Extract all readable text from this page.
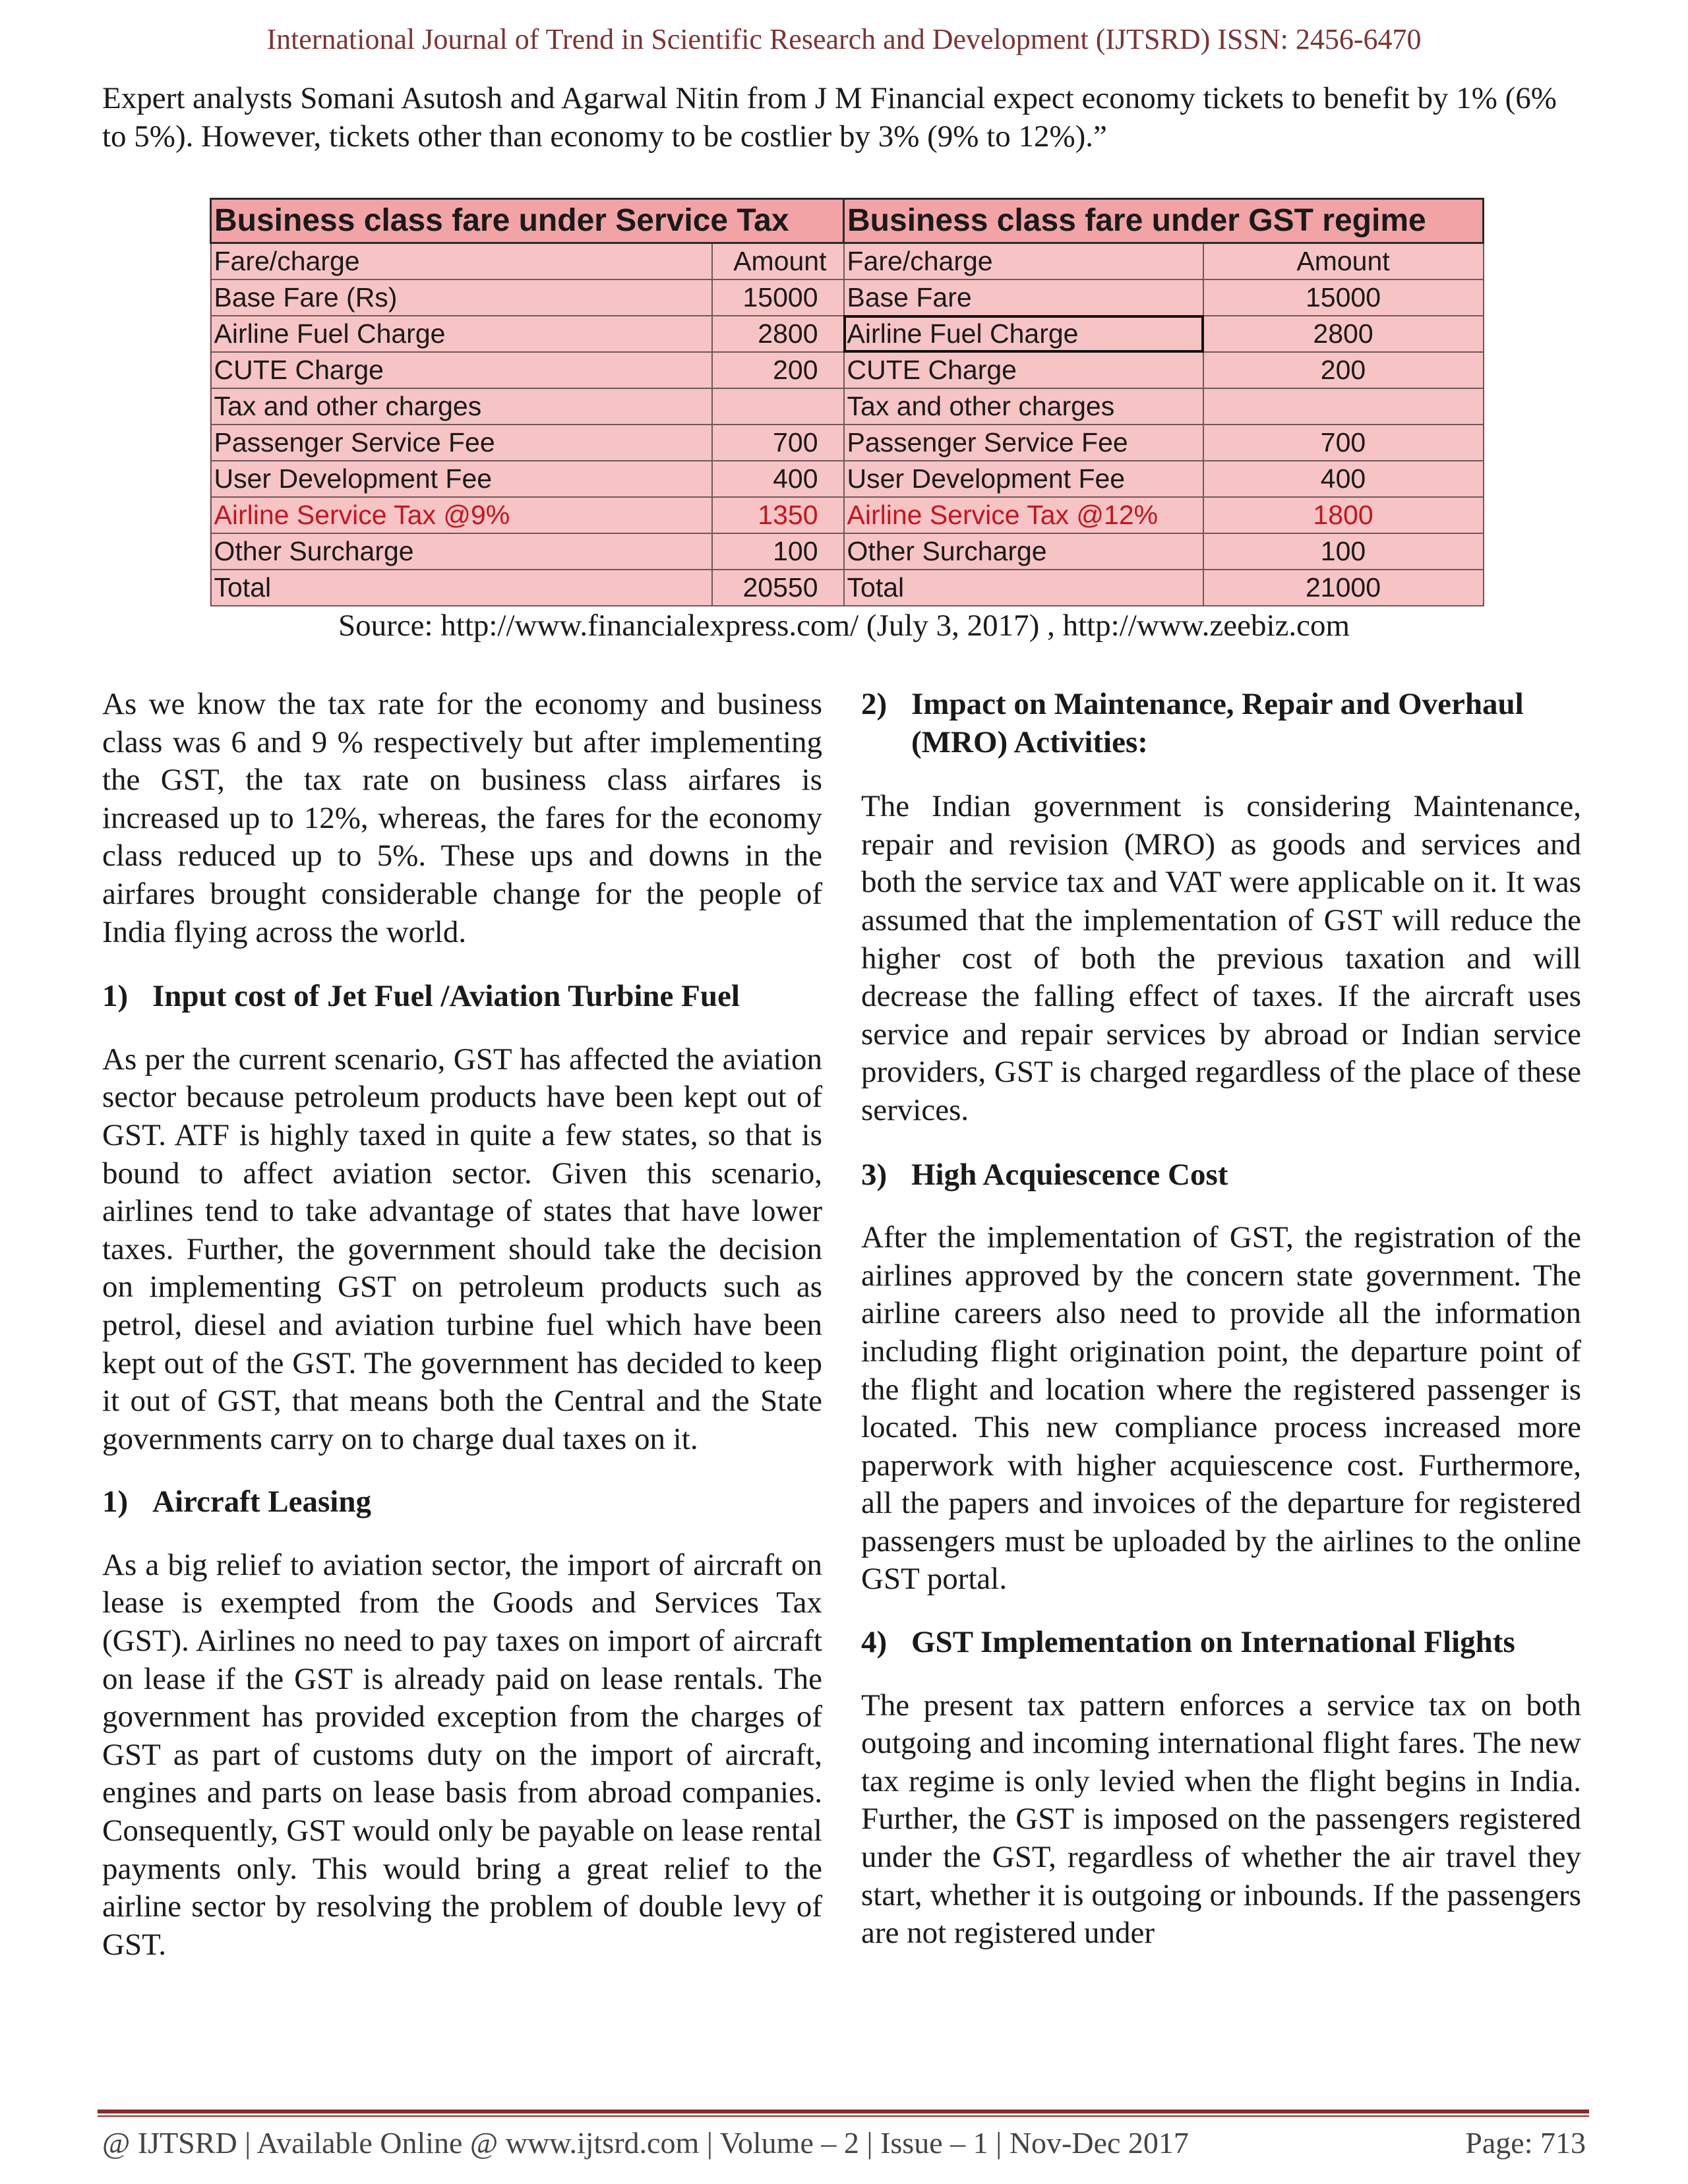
International Journal of Trend in Scientific Research and Development (IJTSRD) ISSN: 2456-6470

Expert analysts Somani Asutosh and Agarwal Nitin from J M Financial expect economy tickets to benefit by 1% (6% to 5%). However, tickets other than economy to be costlier by 3% (9% to 12%).”

Business class fare under Service Tax		Business class fare under GST regime	
Fare/charge	Amount	Fare/charge	Amount
Base Fare (Rs)	15000	Base Fare	15000
Airline Fuel Charge	2800	Airline Fuel Charge	2800
CUTE Charge	200	CUTE Charge	200
Tax and other charges		Tax and other charges	
Passenger Service Fee	700	Passenger Service Fee	700
User Development Fee	400	User Development Fee	400
Airline Service Tax @9%	1350	Airline Service Tax @12%	1800
Other Surcharge	100	Other Surcharge	100
Total	20550	Total	21000

Source: http://www.financialexpress.com/ (July 3, 2017) , http://www.zeebiz.com

As we know the tax rate for the economy and business class was 6 and 9 % respectively but after implementing the GST, the tax rate on business class airfares is increased up to 12%, whereas, the fares for the economy class reduced up to 5%. These ups and downs in the airfares brought considerable change for the people of India flying across the world.

1) Input cost of Jet Fuel /Aviation Turbine Fuel

As per the current scenario, GST has affected the aviation sector because petroleum products have been kept out of GST. ATF is highly taxed in quite a few states, so that is bound to affect aviation sector. Given this scenario, airlines tend to take advantage of states that have lower taxes. Further, the government should take the decision on implementing GST on petroleum products such as petrol, diesel and aviation turbine fuel which have been kept out of the GST. The government has decided to keep it out of GST, that means both the Central and the State governments carry on to charge dual taxes on it.

1) Aircraft Leasing

As a big relief to aviation sector, the import of aircraft on lease is exempted from the Goods and Services Tax (GST). Airlines no need to pay taxes on import of aircraft on lease if the GST is already paid on lease rentals. The government has provided exception from the charges of GST as part of customs duty on the import of aircraft, engines and parts on lease basis from abroad companies. Consequently, GST would only be payable on lease rental payments only. This would bring a great relief to the airline sector by resolving the problem of double levy of GST.

2) Impact on Maintenance, Repair and Overhaul (MRO) Activities:

The Indian government is considering Maintenance, repair and revision (MRO) as goods and services and both the service tax and VAT were applicable on it. It was assumed that the implementation of GST will reduce the higher cost of both the previous taxation and will decrease the falling effect of taxes. If the aircraft uses service and repair services by abroad or Indian service providers, GST is charged regardless of the place of these services.

3) High Acquiescence Cost

After the implementation of GST, the registration of the airlines approved by the concern state government. The airline careers also need to provide all the information including flight origination point, the departure point of the flight and location where the registered passenger is located. This new compliance process increased more paperwork with higher acquiescence cost. Furthermore, all the papers and invoices of the departure for registered passengers must be uploaded by the airlines to the online GST portal.

4) GST Implementation on International Flights

The present tax pattern enforces a service tax on both outgoing and incoming international flight fares. The new tax regime is only levied when the flight begins in India. Further, the GST is imposed on the passengers registered under the GST, regardless of whether the air travel they start, whether it is outgoing or inbounds. If the passengers are not registered under

@ IJTSRD | Available Online @ www.ijtsrd.com | Volume – 2 | Issue – 1 | Nov-Dec 2017	Page: 713
